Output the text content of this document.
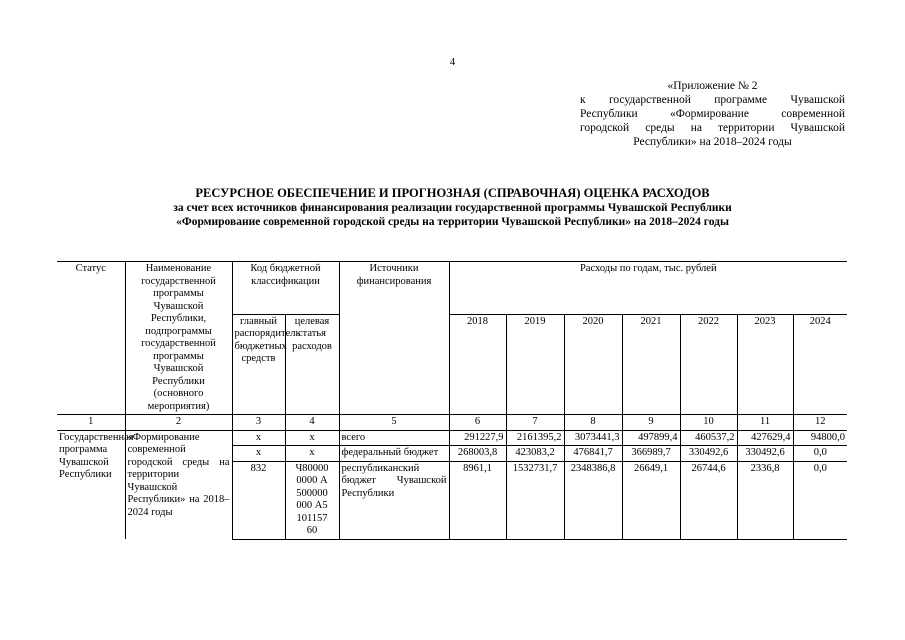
4
«Приложение № 2
к государственной программе Чувашской
Республики «Формирование современной
городской среды на территории Чувашской
Республики» на 2018–2024 годы
РЕСУРСНОЕ ОБЕСПЕЧЕНИЕ И ПРОГНОЗНАЯ (СПРАВОЧНАЯ) ОЦЕНКА РАСХОДОВ
за счет всех источников финансирования реализации государственной программы Чувашской Республики
«Формирование современной городской среды на территории Чувашской Республики» на 2018–2024 годы
Статус	Наименование государственной программы Чувашской Республики, подпрограммы государственной программы Чувашской Республики (основного мероприятия)	Код бюджетной классификации		Источники финансирования	Расходы по годам, тыс. рублей						
		главный распорядитель бюджетных средств	целевая статья расходов		2018	2019	2020	2021	2022	2023	2024
1	2	3	4	5	6	7	8	9	10	11	12
Государственная программа Чувашской Республики	«Формирование современной городской среды на территории Чувашской Республики» на 2018–2024 годы	х	х	всего	291227,9	2161395,2	3073441,3	497899,4	460537,2	427629,4	94800,0
		х	х	федеральный бюджет	268003,8	423083,2	476841,7	366989,7	330492,6	330492,6	0,0
		832	Ч800000000 А500000000 А510115760	республиканский бюджет Чувашской Республики	8961,1	1532731,7	2348386,8	26649,1	26744,6	2336,8	0,0
